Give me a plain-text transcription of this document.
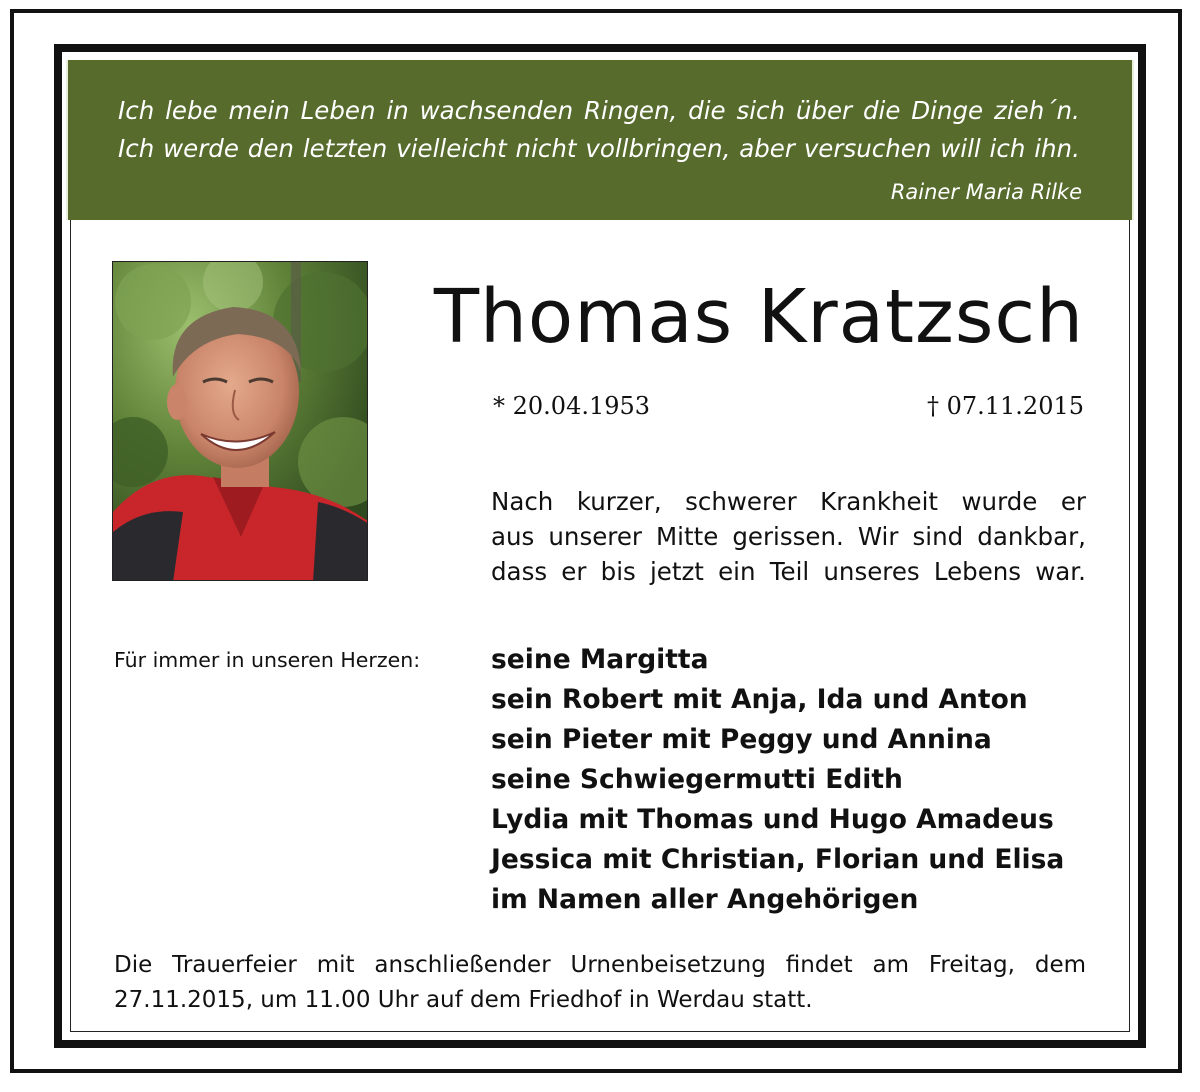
Ich lebe mein Leben in wachsenden Ringen, die sich über die Dinge zieh´n.
Ich werde den letzten vielleicht nicht vollbringen, aber versuchen will ich ihn.
Rainer Maria Rilke
Thomas Kratzsch
* 20.04.1953	† 07.11.2015
Nach kurzer, schwerer Krankheit wurde er
aus unserer Mitte gerissen. Wir sind dankbar,
dass er bis jetzt ein Teil unseres Lebens war.
Für immer in unseren Herzen:	seine Margitta
sein Robert mit Anja, Ida und Anton
sein Pieter mit Peggy und Annina
seine Schwiegermutti Edith
Lydia mit Thomas und Hugo Amadeus
Jessica mit Christian, Florian und Elisa
im Namen aller Angehörigen
Die Trauerfeier mit anschließender Urnenbeisetzung findet am Freitag, dem
27.11.2015, um 11.00 Uhr auf dem Friedhof in Werdau statt.
